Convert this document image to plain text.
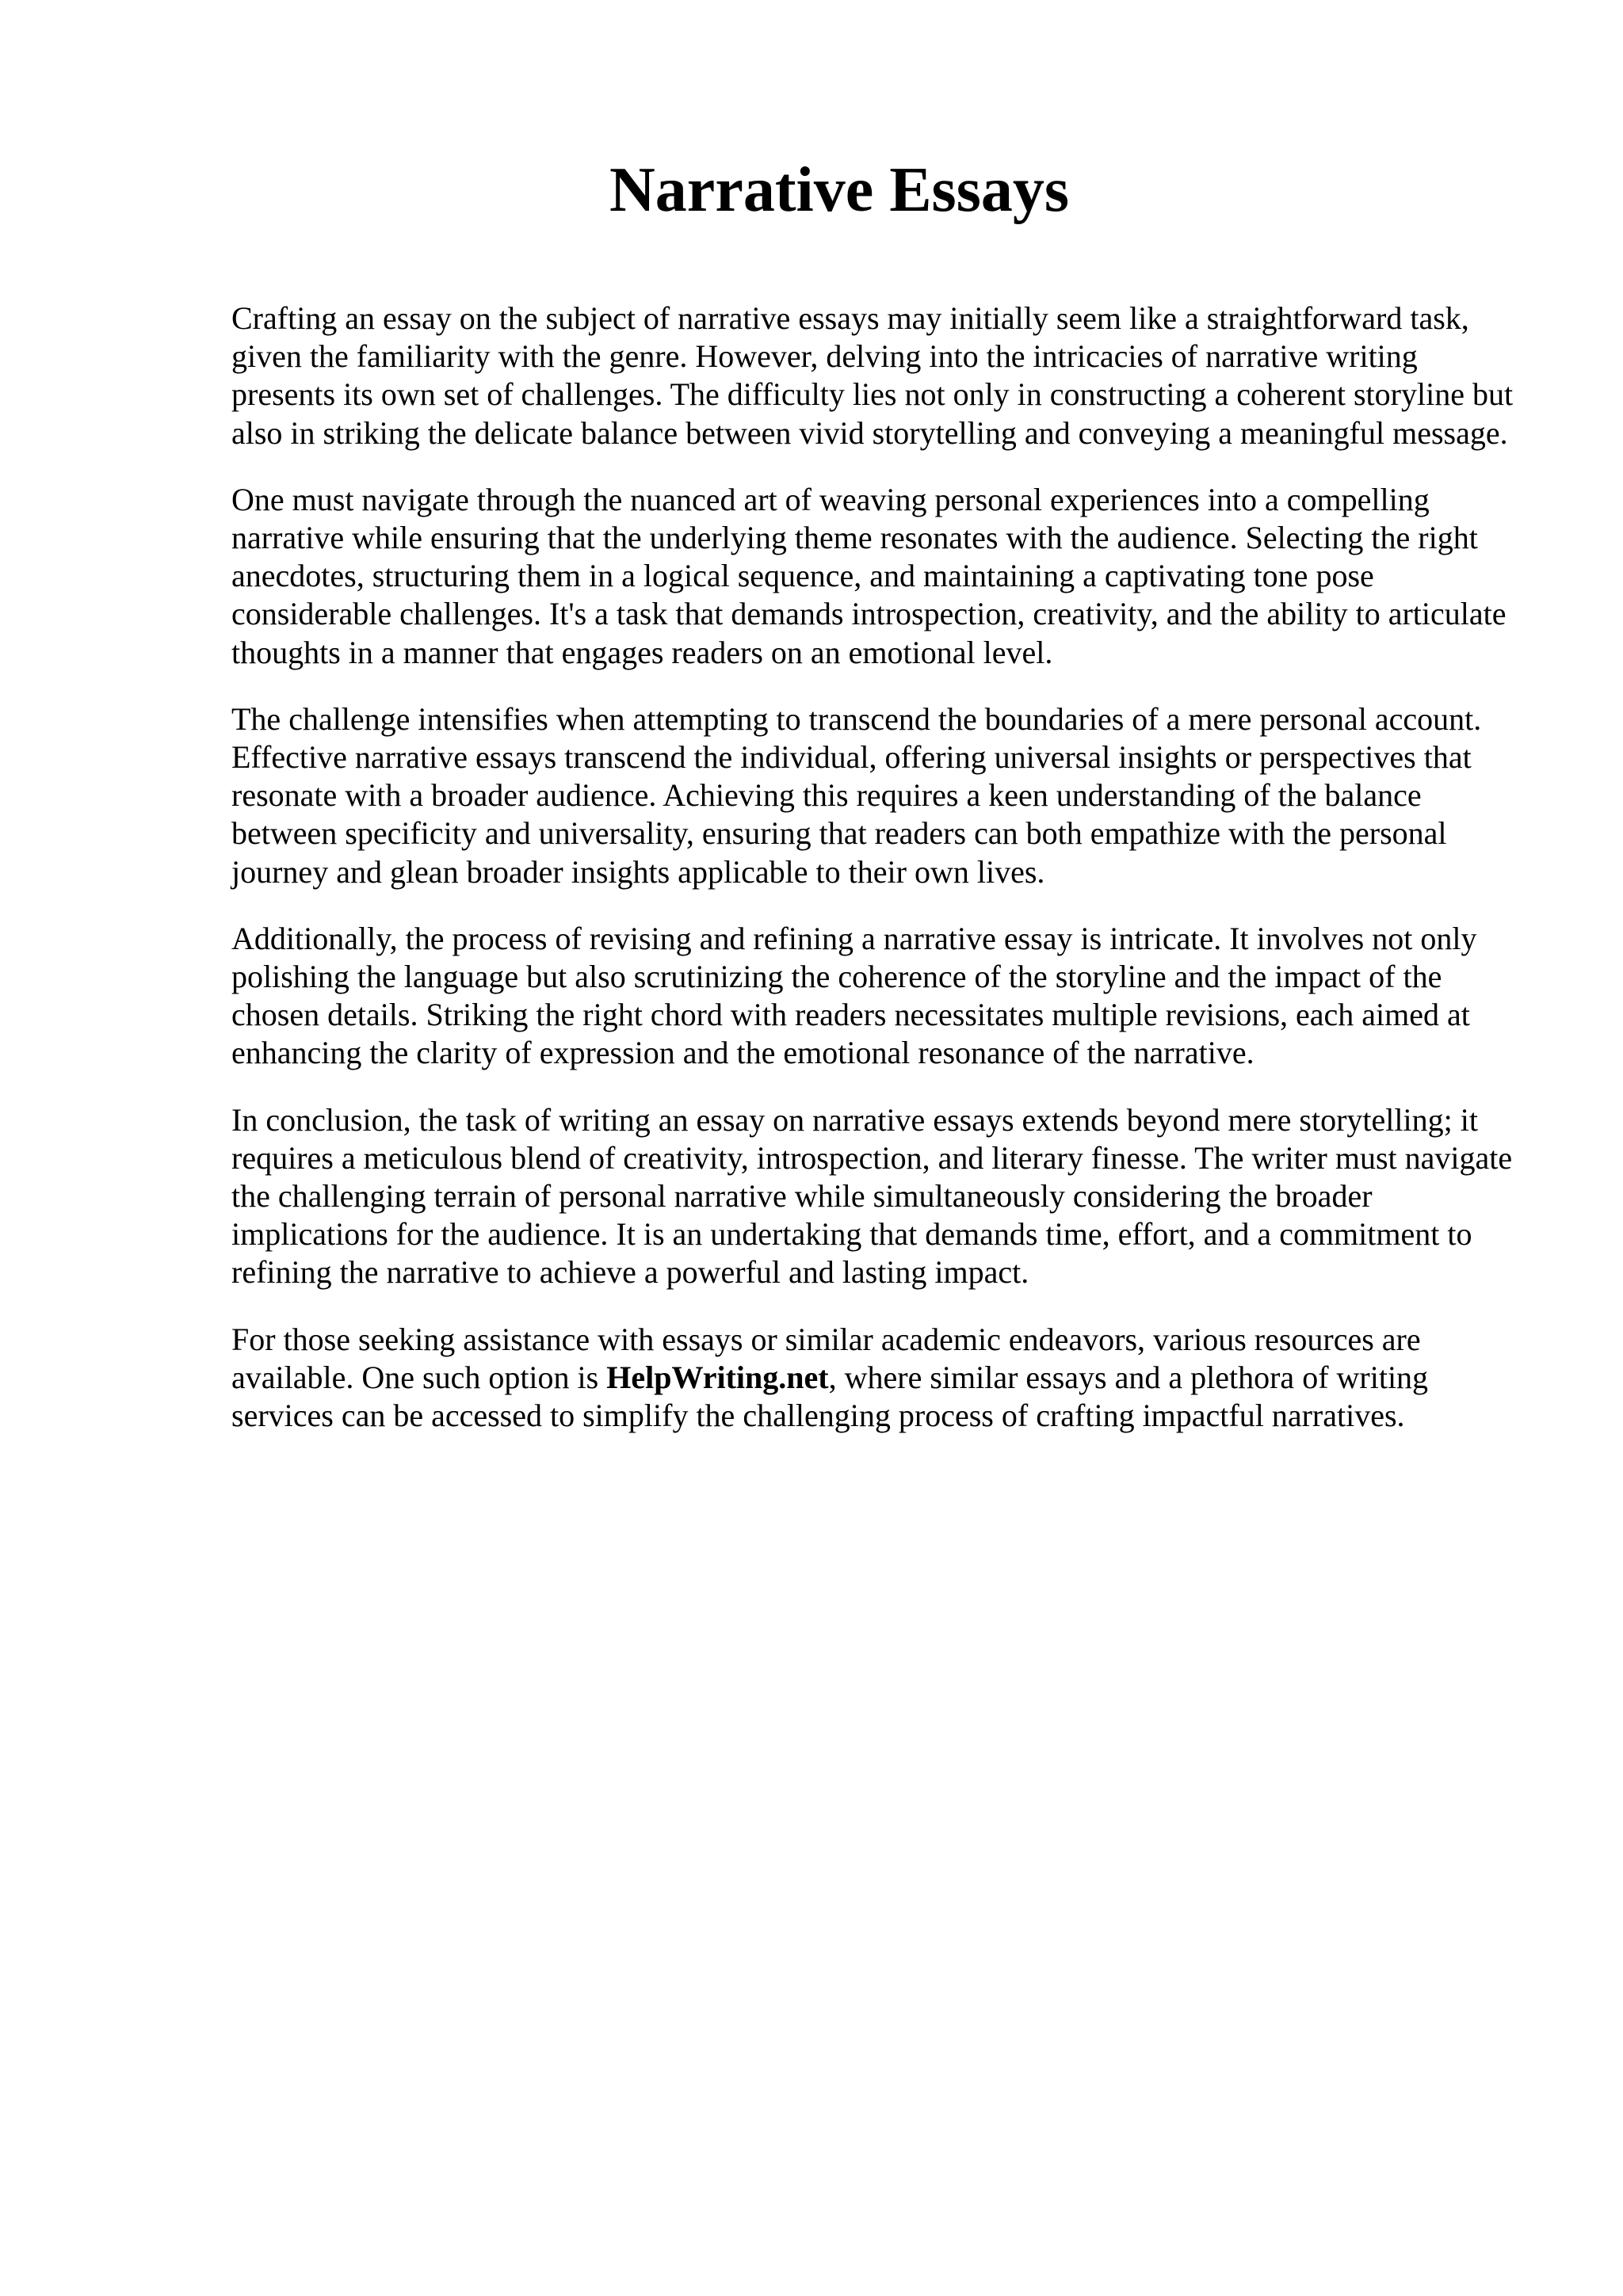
Narrative Essays

Crafting an essay on the subject of narrative essays may initially seem like a straightforward task, given the familiarity with the genre. However, delving into the intricacies of narrative writing presents its own set of challenges. The difficulty lies not only in constructing a coherent storyline but also in striking the delicate balance between vivid storytelling and conveying a meaningful message.

One must navigate through the nuanced art of weaving personal experiences into a compelling narrative while ensuring that the underlying theme resonates with the audience. Selecting the right anecdotes, structuring them in a logical sequence, and maintaining a captivating tone pose considerable challenges. It's a task that demands introspection, creativity, and the ability to articulate thoughts in a manner that engages readers on an emotional level.

The challenge intensifies when attempting to transcend the boundaries of a mere personal account. Effective narrative essays transcend the individual, offering universal insights or perspectives that resonate with a broader audience. Achieving this requires a keen understanding of the balance between specificity and universality, ensuring that readers can both empathize with the personal journey and glean broader insights applicable to their own lives.

Additionally, the process of revising and refining a narrative essay is intricate. It involves not only polishing the language but also scrutinizing the coherence of the storyline and the impact of the chosen details. Striking the right chord with readers necessitates multiple revisions, each aimed at enhancing the clarity of expression and the emotional resonance of the narrative.

In conclusion, the task of writing an essay on narrative essays extends beyond mere storytelling; it requires a meticulous blend of creativity, introspection, and literary finesse. The writer must navigate the challenging terrain of personal narrative while simultaneously considering the broader implications for the audience. It is an undertaking that demands time, effort, and a commitment to refining the narrative to achieve a powerful and lasting impact.

For those seeking assistance with essays or similar academic endeavors, various resources are available. One such option is HelpWriting.net, where similar essays and a plethora of writing services can be accessed to simplify the challenging process of crafting impactful narratives.
